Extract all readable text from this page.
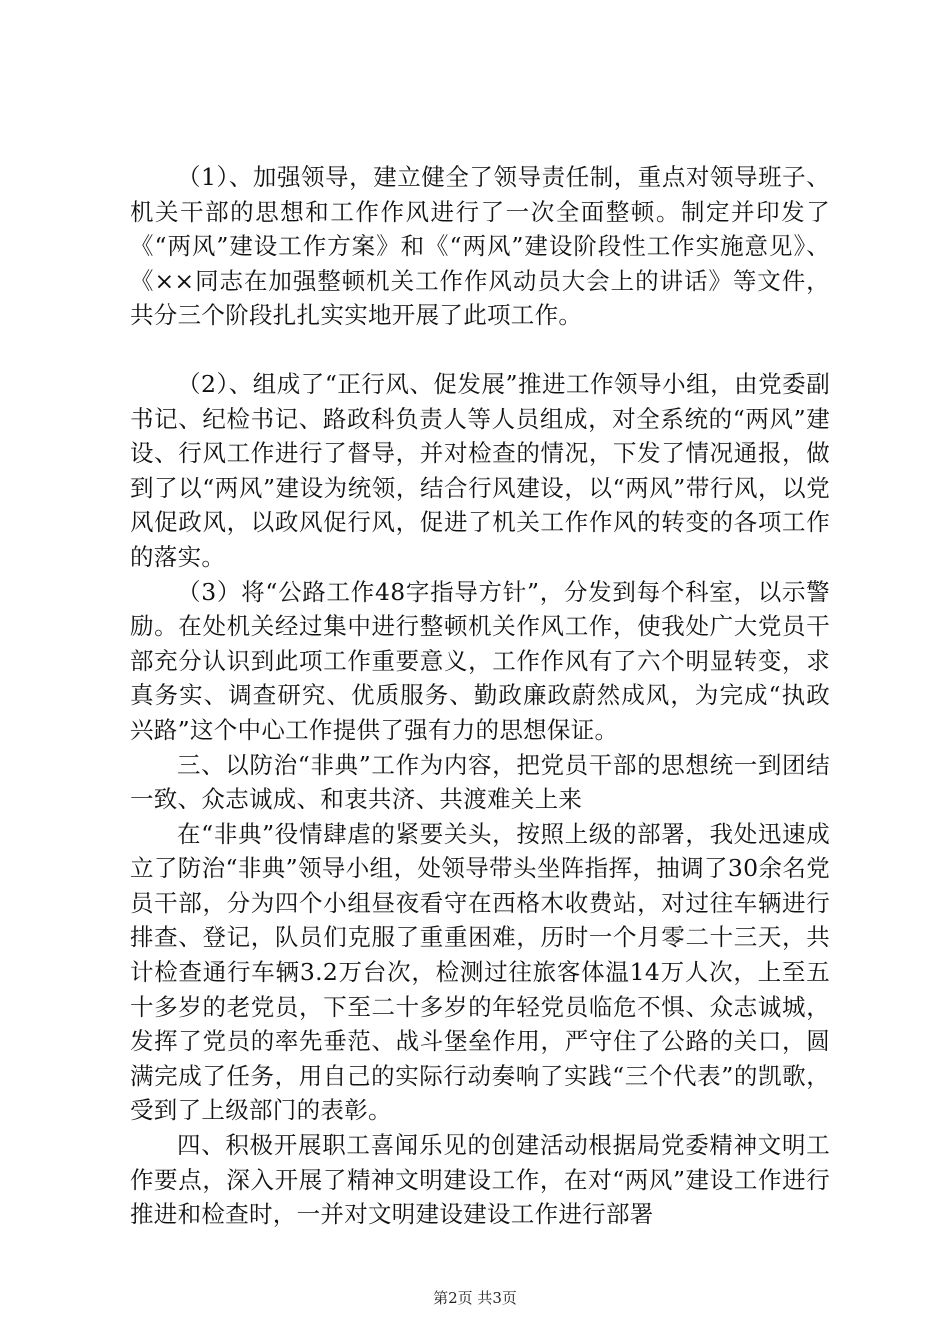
（1）、加强领导，建立健全了领导责任制，重点对领导班子、机关干部的思想和工作作风进行了一次全面整顿。制定并印发了《“两风”建设工作方案》和《“两风”建设阶段性工作实施意见》、《××同志在加强整顿机关工作作风动员大会上的讲话》等文件，共分三个阶段扎扎实实地开展了此项工作。

（2）、组成了“正行风、促发展”推进工作领导小组，由党委副书记、纪检书记、路政科负责人等人员组成，对全系统的“两风”建设、行风工作进行了督导，并对检查的情况，下发了情况通报，做到了以“两风”建设为统领，结合行风建设，以“两风”带行风，以党风促政风，以政风促行风，促进了机关工作作风的转变的各项工作的落实。

（3）将“公路工作48字指导方针”，分发到每个科室，以示警励。在处机关经过集中进行整顿机关作风工作，使我处广大党员干部充分认识到此项工作重要意义，工作作风有了六个明显转变，求真务实、调查研究、优质服务、勤政廉政蔚然成风，为完成“执政兴路”这个中心工作提供了强有力的思想保证。

三、以防治“非典”工作为内容，把党员干部的思想统一到团结一致、众志诚成、和衷共济、共渡难关上来

在“非典”役情肆虐的紧要关头，按照上级的部署，我处迅速成立了防治“非典”领导小组，处领导带头坐阵指挥，抽调了30余名党员干部，分为四个小组昼夜看守在西格木收费站，对过往车辆进行排查、登记，队员们克服了重重困难，历时一个月零二十三天，共计检查通行车辆3.2万台次，检测过往旅客体温14万人次，上至五十多岁的老党员，下至二十多岁的年轻党员临危不惧、众志诚城，发挥了党员的率先垂范、战斗堡垒作用，严守住了公路的关口，圆满完成了任务，用自己的实际行动奏响了实践“三个代表”的凯歌，受到了上级部门的表彰。

四、积极开展职工喜闻乐见的创建活动根据局党委精神文明工作要点，深入开展了精神文明建设工作，在对“两风”建设工作进行推进和检查时，一并对文明建设建设工作进行部署

第2页 共3页
